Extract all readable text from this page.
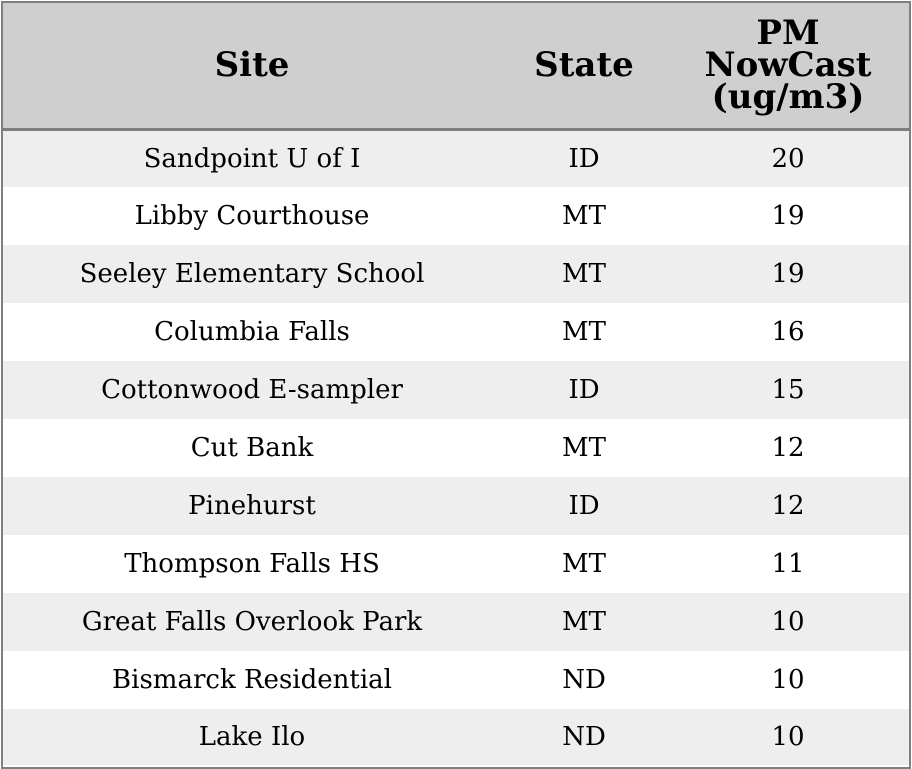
Site	State	PM
NowCast
(ug/m3)

Sandpoint U of I	ID	20
Libby Courthouse	MT	19
Seeley Elementary School	MT	19
Columbia Falls	MT	16
Cottonwood E-sampler	ID	15
Cut Bank	MT	12
Pinehurst	ID	12
Thompson Falls HS	MT	11
Great Falls Overlook Park	MT	10
Bismarck Residential	ND	10
Lake Ilo	ND	10
